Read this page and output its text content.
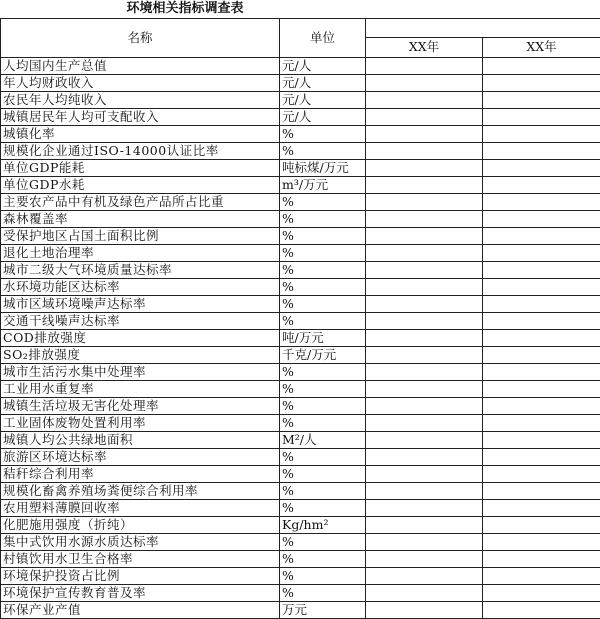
环境相关指标调查表
名称	单位		
		XX年	XX年
人均国内生产总值	元/人		
年人均财政收入	元/人		
农民年人均纯收入	元/人		
城镇居民年人均可支配收入	元/人		
城镇化率	%		
规模化企业通过ISO-14000认证比率	%		
单位GDP能耗	吨标煤/万元		
单位GDP水耗	m³/万元		
主要农产品中有机及绿色产品所占比重	%		
森林覆盖率	%		
受保护地区占国土面积比例	%		
退化土地治理率	%		
城市二级大气环境质量达标率	%		
水环境功能区达标率	%		
城市区域环境噪声达标率	%		
交通干线噪声达标率	%		
COD排放强度	吨/万元		
SO₂排放强度	千克/万元		
城市生活污水集中处理率	%		
工业用水重复率	%		
城镇生活垃圾无害化处理率	%		
工业固体废物处置利用率	%		
城镇人均公共绿地面积	M²/人		
旅游区环境达标率	%		
秸秆综合利用率	%		
规模化畜禽养殖场粪便综合利用率	%		
农用塑料薄膜回收率	%		
化肥施用强度（折纯）	Kg/hm²		
集中式饮用水源水质达标率	%		
村镇饮用水卫生合格率	%		
环境保护投资占比例	%		
环境保护宣传教育普及率	%		
环保产业产值	万元		
